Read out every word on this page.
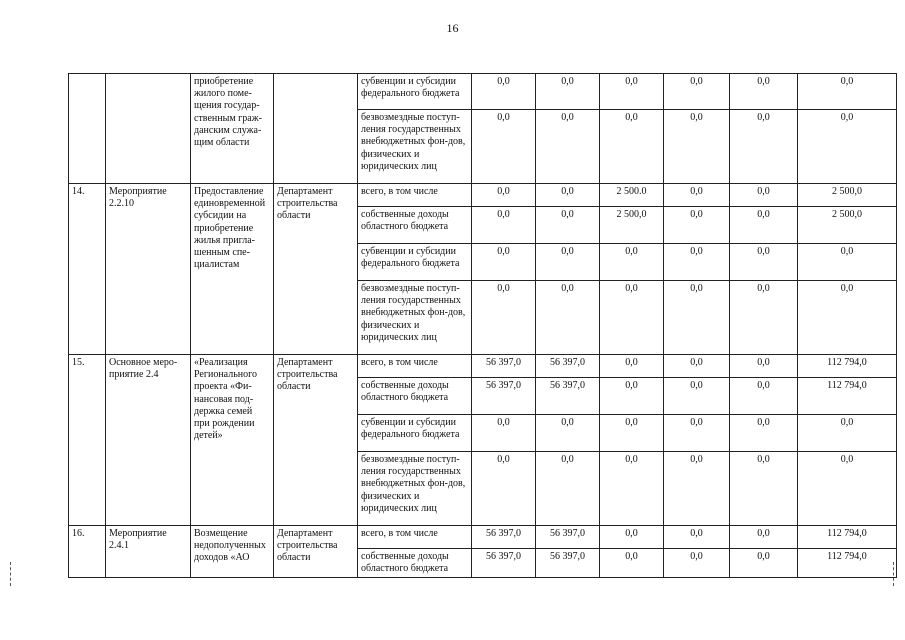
16
		приобретение жилого поме-щения государ-ственным граж-данским служа-щим области		субвенции и субсидии федерального бюджета	0,0	0,0	0,0	0,0	0,0	0,0
				безвозмездные поступ-ления государственных внебюджетных фон-дов, физических и юридических лиц	0,0	0,0	0,0	0,0	0,0	0,0
14.	Мероприятие 2.2.10	Предоставление единовременной субсидии на приобретение жилья пригла-шенным спе-циалистам	Департамент строительства области	всего, в том числе	0,0	0,0	2 500.0	0,0	0,0	2 500,0
				собственные доходы областного бюджета	0,0	0,0	2 500,0	0,0	0,0	2 500,0
				субвенции и субсидии федерального бюджета	0,0	0,0	0,0	0,0	0,0	0,0
				безвозмездные поступ-ления государственных внебюджетных фон-дов, физических и юридических лиц	0,0	0,0	0,0	0,0	0,0	0,0
15.	Основное меро-приятие 2.4	«Реализация Регионального проекта «Фи-нансовая под-держка семей при рождении детей»	Департамент строительства области	всего, в том числе	56 397,0	56 397,0	0,0	0,0	0,0	112 794,0
				собственные доходы областного бюджета	56 397,0	56 397,0	0,0	0,0	0,0	112 794,0
				субвенции и субсидии федерального бюджета	0,0	0,0	0,0	0,0	0,0	0,0
				безвозмездные поступ-ления государственных внебюджетных фон-дов, физических и юридических лиц	0,0	0,0	0,0	0,0	0,0	0,0
16.	Мероприятие 2.4.1	Возмещение недополученных доходов «АО	Департамент строительства области	всего, в том числе	56 397,0	56 397,0	0,0	0,0	0,0	112 794,0
				собственные доходы областного бюджета	56 397,0	56 397,0	0,0	0,0	0,0	112 794,0
